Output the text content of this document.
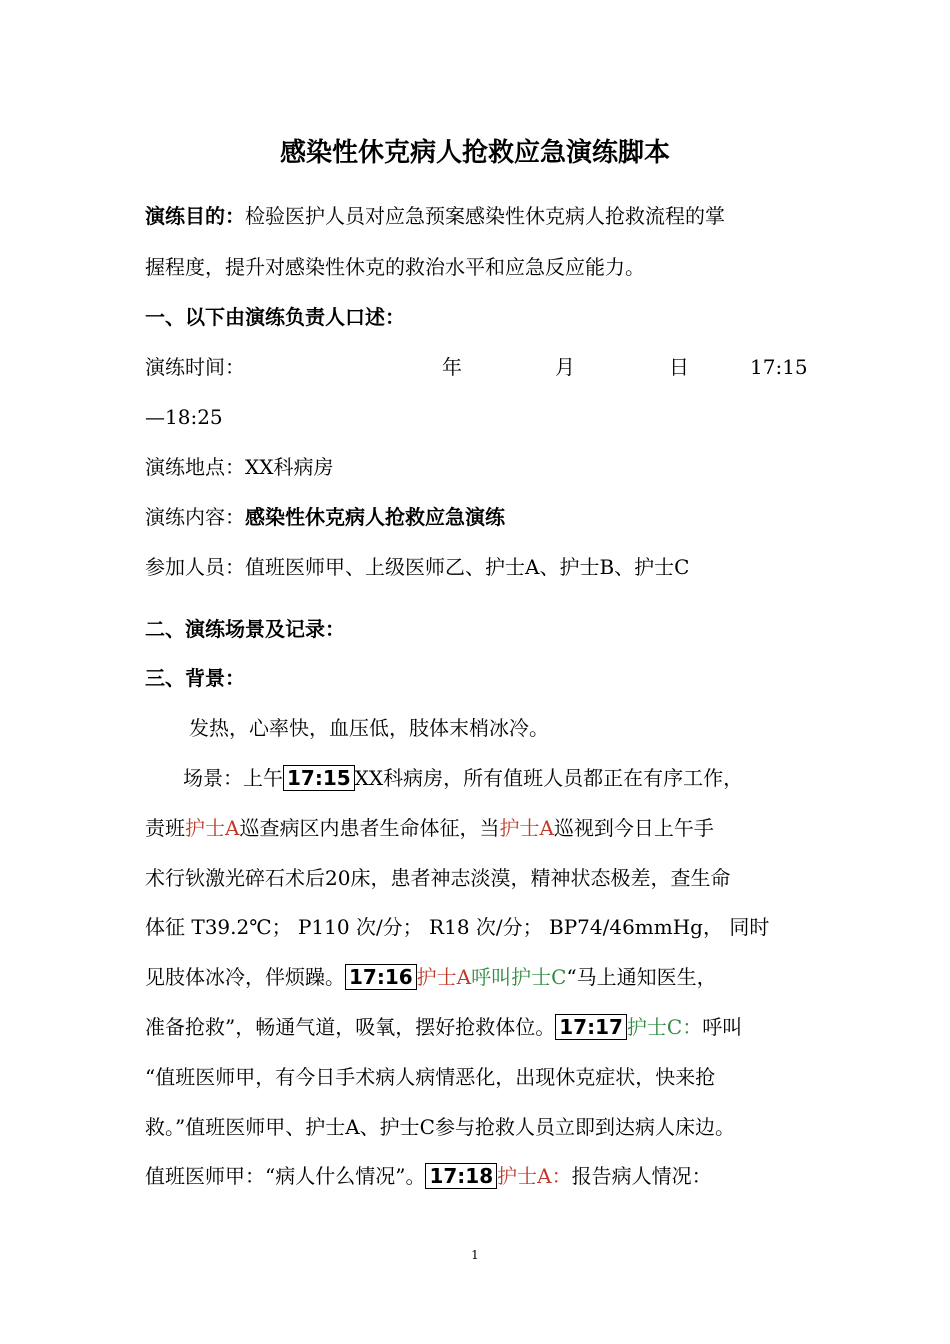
感染性休克病人抢救应急演练脚本
演练目的：检验医护人员对应急预案感染性休克病人抢救流程的掌
握程度，提升对感染性休克的救治水平和应急反应能力。
一、以下由演练负责人口述：
演练时间：	年	月	日	17:15
—18:25
演练地点：XX科病房
演练内容：感染性休克病人抢救应急演练
参加人员：值班医师甲、上级医师乙、护士A、护士B、护士C
二、演练场景及记录：
三、背景：
发热，心率快，血压低，肢体末梢冰冷。
场景：上午 17:15XX科病房，所有值班人员都正在有序工作，
责班护士A巡查病区内患者生命体征，当护士A巡视到今日上午手
术行钬激光碎石术后20床，患者神志淡漠，精神状态极差，查生命
体征 T39.2℃； P110 次/分； R18 次/分； BP74/46mmHg， 同时
见肢体冰冷，伴烦躁。 17:16护士A呼叫护士C“马上通知医生，
准备抢救”，畅通气道，吸氧，摆好抢救体位。 17:17 护士C：呼叫
“值班医师甲，有今日手术病人病情恶化，出现休克症状，快来抢
救。”值班医师甲、护士A、护士C参与抢救人员立即到达病人床边。
值班医师甲：“病人什么情况”。 17:18 护士A：报告病人情况：
1
